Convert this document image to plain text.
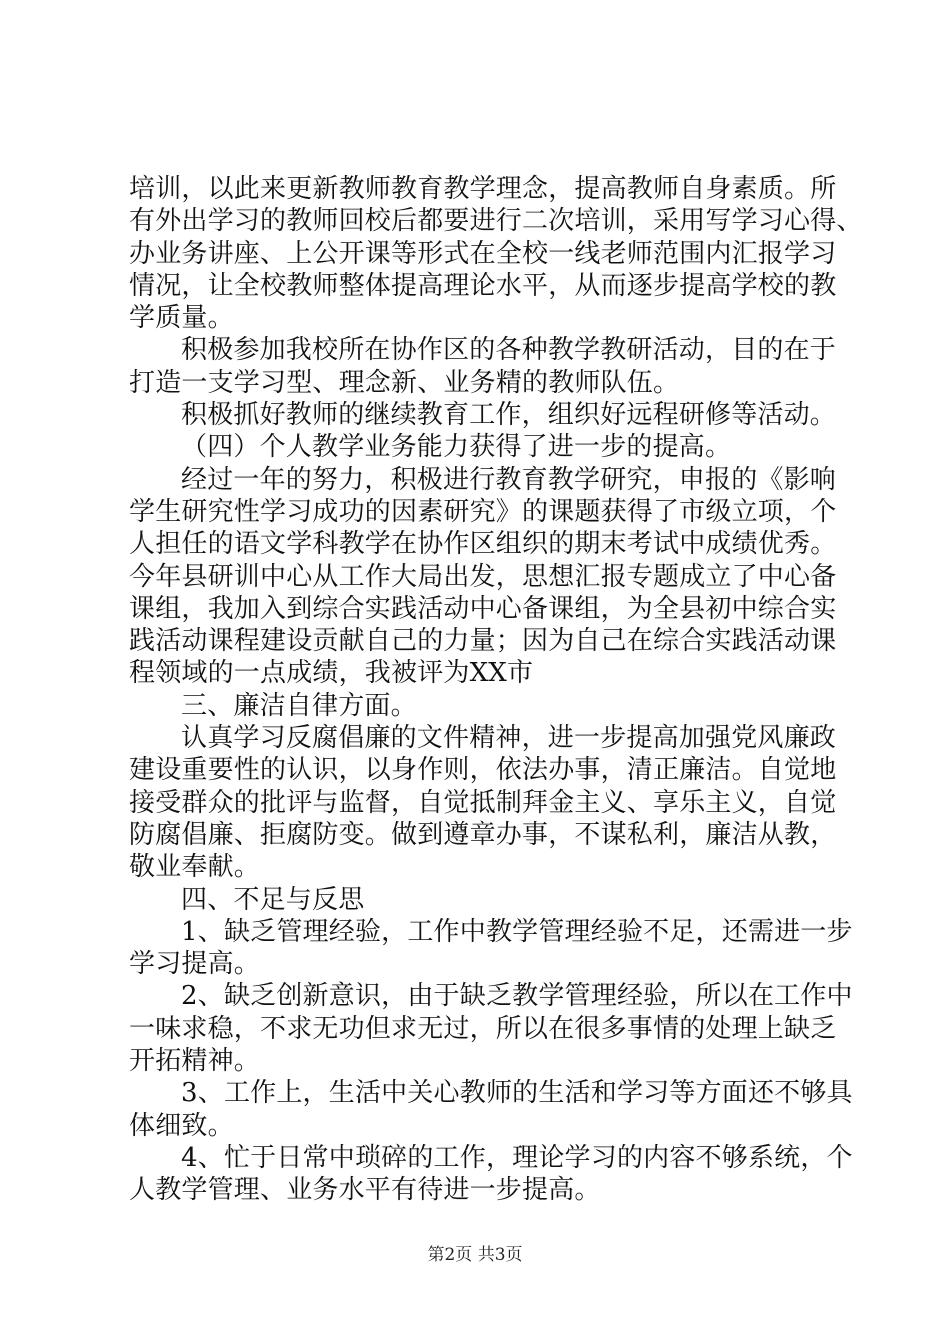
培训，以此来更新教师教育教学理念，提高教师自身素质。所
有外出学习的教师回校后都要进行二次培训，采用写学习心得、
办业务讲座、上公开课等形式在全校一线老师范围内汇报学习
情况，让全校教师整体提高理论水平，从而逐步提高学校的教
学质量。
积极参加我校所在协作区的各种教学教研活动，目的在于
打造一支学习型、理念新、业务精的教师队伍。
积极抓好教师的继续教育工作，组织好远程研修等活动。
（四）个人教学业务能力获得了进一步的提高。
经过一年的努力，积极进行教育教学研究，申报的《影响
学生研究性学习成功的因素研究》的课题获得了市级立项，个
人担任的语文学科教学在协作区组织的期末考试中成绩优秀。
今年县研训中心从工作大局出发，思想汇报专题成立了中心备
课组，我加入到综合实践活动中心备课组，为全县初中综合实
践活动课程建设贡献自己的力量；因为自己在综合实践活动课
程领域的一点成绩，我被评为XX市
三、廉洁自律方面。
认真学习反腐倡廉的文件精神，进一步提高加强党风廉政
建设重要性的认识，以身作则，依法办事，清正廉洁。自觉地
接受群众的批评与监督，自觉抵制拜金主义、享乐主义，自觉
防腐倡廉、拒腐防变。做到遵章办事，不谋私利，廉洁从教，
敬业奉献。
四、不足与反思
1、缺乏管理经验，工作中教学管理经验不足，还需进一步
学习提高。
2、缺乏创新意识，由于缺乏教学管理经验，所以在工作中
一味求稳，不求无功但求无过，所以在很多事情的处理上缺乏
开拓精神。
3、工作上，生活中关心教师的生活和学习等方面还不够具
体细致。
4、忙于日常中琐碎的工作，理论学习的内容不够系统，个
人教学管理、业务水平有待进一步提高。
第2页 共3页
